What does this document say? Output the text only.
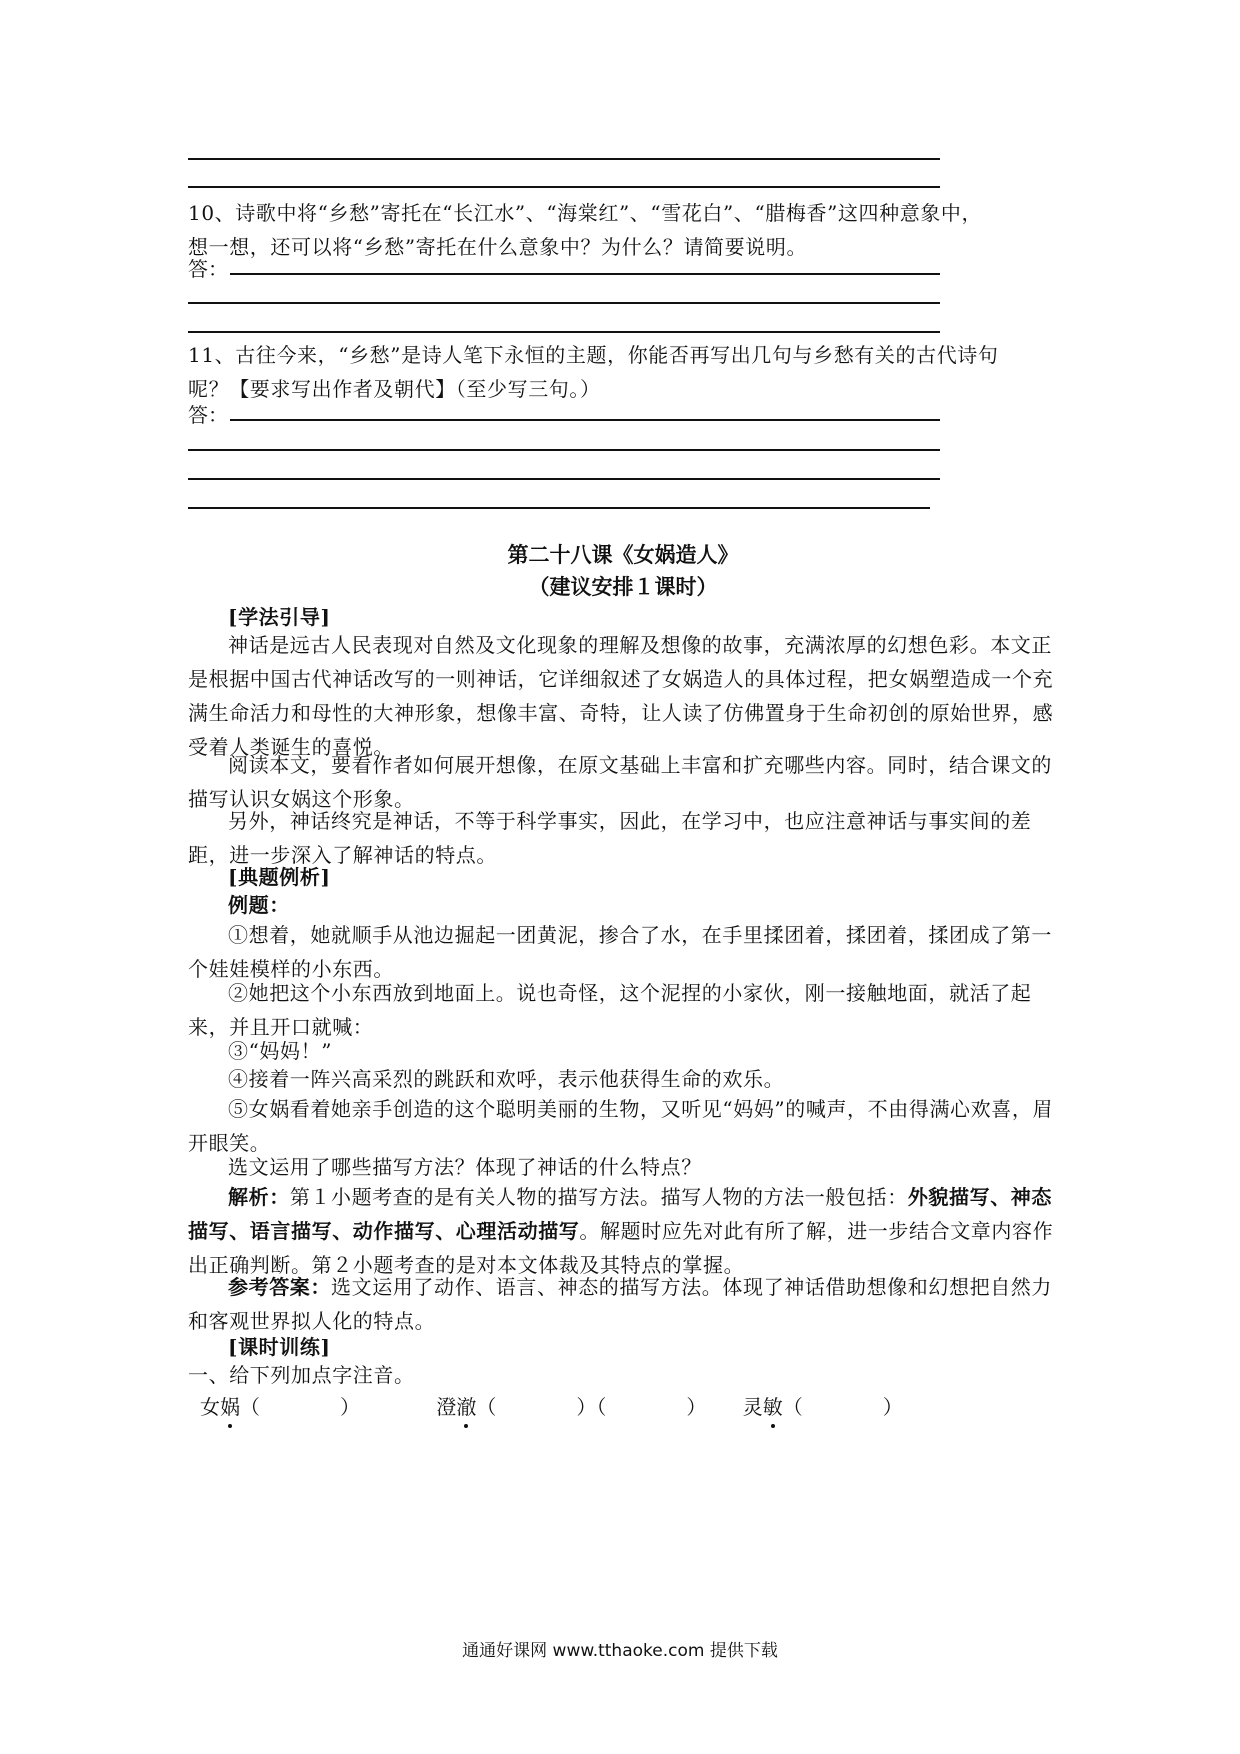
10、诗歌中将“乡愁”寄托在“长江水”、“海棠红”、“雪花白”、“腊梅香”这四种意象中，

想一想，还可以将“乡愁”寄托在什么意象中？为什么？请简要说明。

答：

11、古往今来，“乡愁”是诗人笔下永恒的主题，你能否再写出几句与乡愁有关的古代诗句

呢？【要求写出作者及朝代】（至少写三句。）

答：
第二十八课《女娲造人》
（建议安排１课时）

[学法引导]

神话是远古人民表现对自然及文化现象的理解及想像的故事，充满浓厚的幻想色彩。本文正是根据中国古代神话改写的一则神话，它详细叙述了女娲造人的具体过程，把女娲塑造成一个充满生命活力和母性的大神形象，想像丰富、奇特，让人读了仿佛置身于生命初创的原始世界，感受着人类诞生的喜悦。

阅读本文，要看作者如何展开想像，在原文基础上丰富和扩充哪些内容。同时，结合课文的描写认识女娲这个形象。

另外，神话终究是神话，不等于科学事实，因此，在学习中，也应注意神话与事实间的差距，进一步深入了解神话的特点。

[典题例析]

例题：

①想着，她就顺手从池边掘起一团黄泥，掺合了水，在手里揉团着，揉团着，揉团成了第一个娃娃模样的小东西。

②她把这个小东西放到地面上。说也奇怪，这个泥捏的小家伙，刚一接触地面，就活了起来，并且开口就喊：

③“妈妈！”

④接着一阵兴高采烈的跳跃和欢呼，表示他获得生命的欢乐。

⑤女娲看着她亲手创造的这个聪明美丽的生物，又听见“妈妈”的喊声，不由得满心欢喜，眉开眼笑。

选文运用了哪些描写方法？体现了神话的什么特点？

解析：第１小题考查的是有关人物的描写方法。描写人物的方法一般包括：外貌描写、神态描写、语言描写、动作描写、心理活动描写。解题时应先对此有所了解，进一步结合文章内容作出正确判断。第２小题考查的是对本文体裁及其特点的掌握。

参考答案：选文运用了动作、语言、神态的描写方法。体现了神话借助想像和幻想把自然力和客观世界拟人化的特点。

[课时训练]

一、给下列加点字注音。

女娲（　　　　）	澄澈（　　　　）（　　　　） 灵敏（　　　　）
通通好课网 www.tthaoke.com 提供下载
